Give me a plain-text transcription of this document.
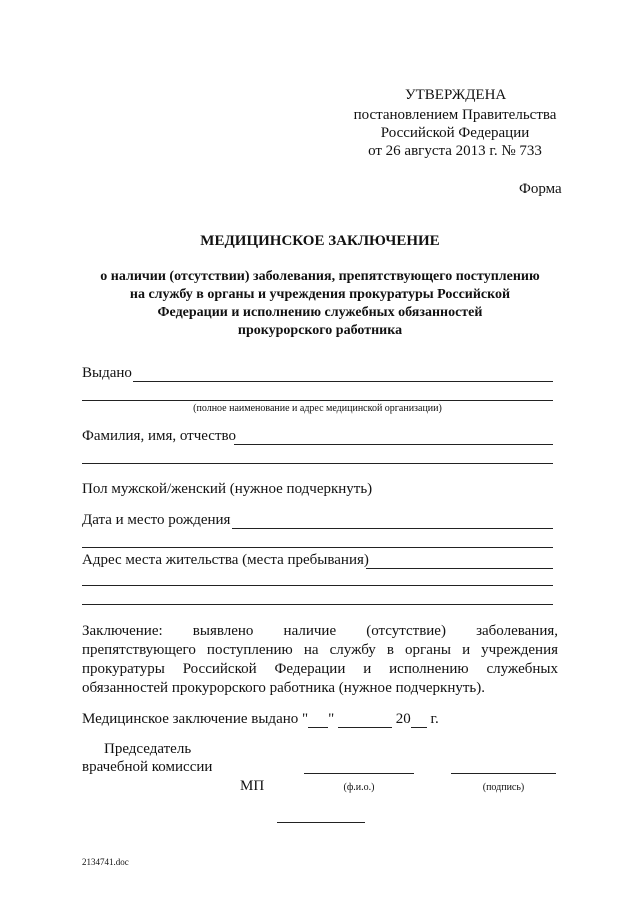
УТВЕРЖДЕНА
постановлением Правительства
Российской Федерации
от 26 августа 2013 г. № 733
Форма
МЕДИЦИНСКОЕ ЗАКЛЮЧЕНИЕ
о наличии (отсутствии) заболевания, препятствующего поступлению
на службу в органы и учреждения прокуратуры Российской
Федерации и исполнению служебных обязанностей
прокурорского работника
Выдано
(полное наименование и адрес медицинской организации)
Фамилия, имя, отчество
Пол мужской/женский (нужное подчеркнуть)
Дата и место рождения
Адрес места жительства (места пребывания)
Заключение: выявлено наличие (отсутствие) заболевания, препятствующего поступлению на службу в органы и учреждения прокуратуры Российской Федерации и исполнению служебных обязанностей прокурорского работника (нужное подчеркнуть).
Медицинское заключение выдано " "	20 г.
Председатель
врачебной комиссии
МП	(ф.и.о.)	(подпись)
2134741.doc
